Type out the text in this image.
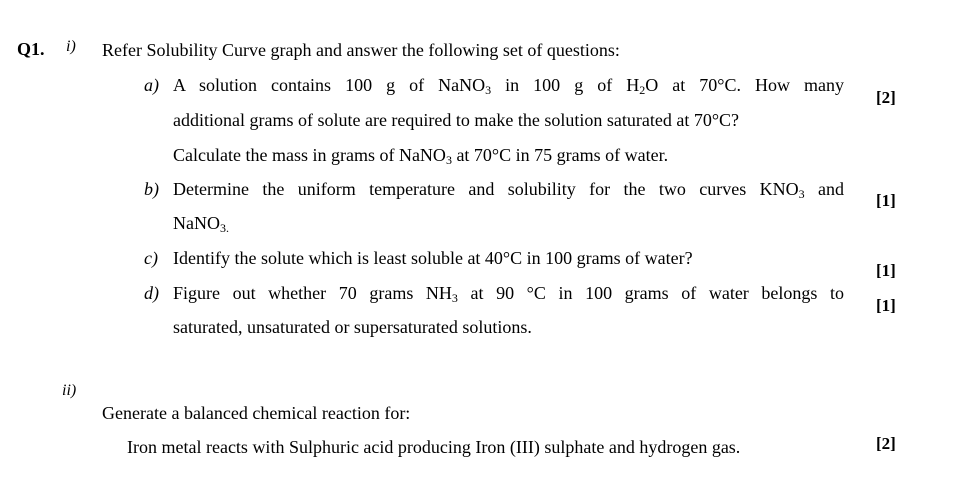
Q1. i) Refer Solubility Curve graph and answer the following set of questions:
a) A solution contains 100 g of NaNO$_3$ in 100 g of $H_2O$ at 70°C. How many
[2]
additional grams of solute are required to make the solution saturated at 70°C?
Calculate the mass in grams of NaNO$_3$ at 70°C in 75 grams of water.
b) Determine the uniform temperature and solubility for the two curves $KNO_3$ and
[1]
NaNO$_{3.}$
c) Identify the solute which is least soluble at 40°C in 100 grams of water?
[1]
d) Figure out whether 70 grams $NH_3$ at 90 °C in 100 grams of water belongs to
[1]
saturated, unsaturated or supersaturated solutions.
ii)
Generate a balanced chemical reaction for:
Iron metal reacts with Sulphuric acid producing Iron (III) sulphate and hydrogen gas.	[2]
